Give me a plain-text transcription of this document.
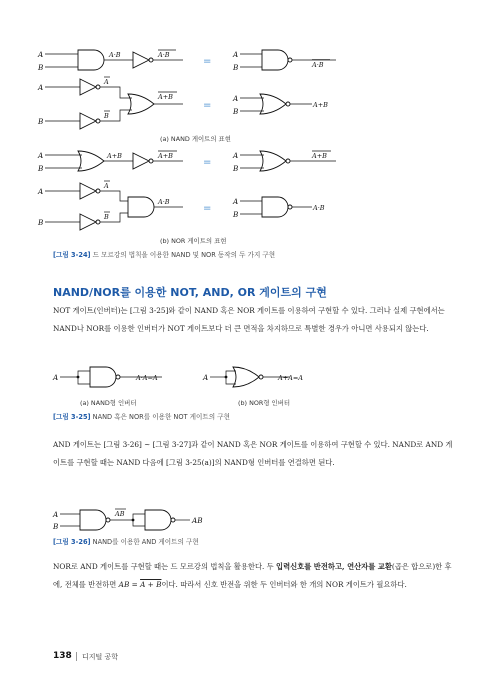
A
B
A·B	A·B
=
A
B	A·B
A
B
A
B
A+B
=
A
B
A+B
A
B
A+B	A+B
=
A
B
A+B
A
B
A
B
A·B
=
A
B
A·B
(a) NAND 게이트의 표현
(b) NOR 게이트의 표현
[그림 3-24] 드 모르강의 법칙을 이용한 NAND 및 NOR 동작의 두 가지 구현
NAND/NOR를 이용한 NOT, AND, OR 게이트의 구현

NOT 게이트(인버터)는 [그림 3-25]와 같이 NAND 혹은 NOR 게이트를 이용하여 구현할 수 있다. 그러나 실제 구현에서는 NAND나 NOR를 이용한 인버터가 NOT 게이트보다 더 큰 면적을 차지하므로 특별한 경우가 아니면 사용되지 않는다.

A	A·A=A	A	A+A=A
(a) NAND형 인버터	(b) NOR형 인버터
[그림 3-25] NAND 혹은 NOR를 이용한 NOT 게이트의 구현

AND 게이트는 [그림 3-26] ~ [그림 3-27]과 같이 NAND 혹은 NOR 게이트를 이용하여 구현할 수 있다. NAND로 AND 게이트를 구현할 때는 NAND 다음에 [그림 3-25(a)]의 NAND형 인버터를 연결하면 된다.

A
B
AB
AB
[그림 3-26] NAND를 이용한 AND 게이트의 구현

NOR로 AND 게이트를 구현할 때는 드 모르강의 법칙을 활용한다. 두 입력신호를 반전하고, 연산자를 교환(곱은 합으로)한 후에, 전체를 반전하면 AB = A + B이다. 따라서 신호 반전을 위한 두 인버터와 한 개의 NOR 게이트가 필요하다.

138 디지털 공학
